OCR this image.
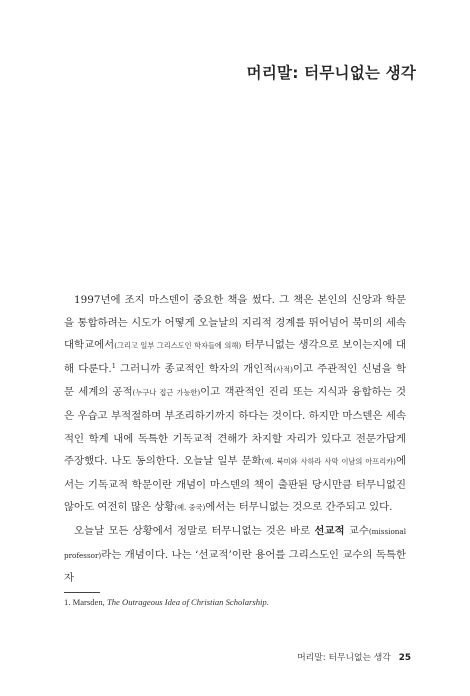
머리말: 터무니없는 생각

1997년에 조지 마스덴이 중요한 책을 썼다. 그 책은 본인의 신앙과 학문을 통합하려는 시도가 어떻게 오늘날의 지리적 경계를 뛰어넘어 북미의 세속 대학교에서(그리고 일부 그리스도인 학자들에 의해) 터무니없는 생각으로 보이는지에 대해 다룬다.$^1$ 그러니까 종교적인 학자의 개인적(사적)이고 주관적인 신념을 학문 세계의 공적(누구나 접근 가능한)이고 객관적인 진리 또는 지식과 융합하는 것은 우습고 부적절하며 부조리하기까지 하다는 것이다. 하지만 마스덴은 세속적인 학계 내에 독특한 기독교적 견해가 차지할 자리가 있다고 전문가답게 주장했다. 나도 동의한다. 오늘날 일부 문화(예. 북미와 사하라 사막 이남의 아프리카)에서는 기독교적 학문이란 개념이 마스덴의 책이 출판된 당시만큼 터무니없진 않아도 여전히 많은 상황(예. 중국)에서는 터무니없는 것으로 간주되고 있다.

오늘날 모든 상황에서 정말로 터무니없는 것은 바로 선교적 교수(missional professor)라는 개념이다. 나는 ‘선교적’이란 용어를 그리스도인 교수의 독특한 자

1. Marsden, The Outrageous Idea of Christian Scholarship.
머리말: 터무니없는 생각 25
